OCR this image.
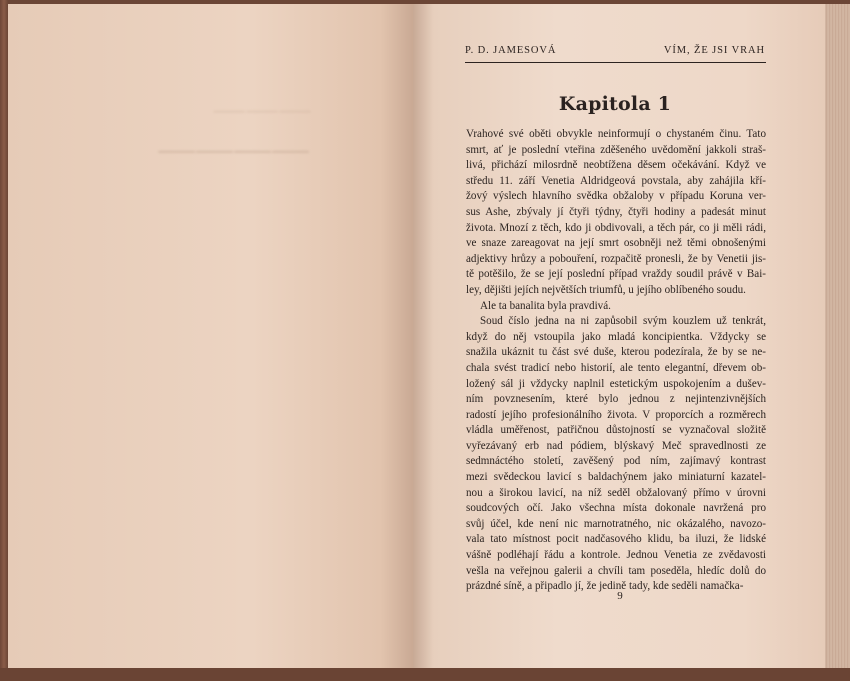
⸻⸻⸻
⸻⸻⸻⸻
P. D. JAMESOVÁ	VÍM, ŽE JSI VRAH
Kapitola 1
Vrahové své oběti obvykle neinformují o chystaném činu. Tato
smrt, ať je poslední vteřina zděšeného uvědomění jakkoli straš-
livá, přichází milosrdně neobtížena děsem očekávání. Když ve
středu 11. září Venetia Aldridgeová povstala, aby zahájila kří-
žový výslech hlavního svědka obžaloby v případu Koruna ver-
sus Ashe, zbývaly jí čtyři týdny, čtyři hodiny a padesát minut
života. Mnozí z těch, kdo ji obdivovali, a těch pár, co ji měli rádi,
ve snaze zareagovat na její smrt osobněji než těmi obnošenými
adjektivy hrůzy a pobouření, rozpačitě pronesli, že by Venetii jis-
tě potěšilo, že se její poslední případ vraždy soudil právě v Bai-
ley, dějišti jejích největších triumfů, u jejího oblíbeného soudu.
Ale ta banalita byla pravdivá.
Soud číslo jedna na ni zapůsobil svým kouzlem už tenkrát,
když do něj vstoupila jako mladá koncipientka. Vždycky se
snažila ukáznit tu část své duše, kterou podezírala, že by se ne-
chala svést tradicí nebo historií, ale tento elegantní, dřevem ob-
ložený sál ji vždycky naplnil estetickým uspokojením a dušev-
ním povznesením, které bylo jednou z nejintenzivnějších
radostí jejího profesionálního života. V proporcích a rozměrech
vládla uměřenost, patřičnou důstojností se vyznačoval složitě
vyřezávaný erb nad pódiem, blýskavý Meč spravedlnosti ze
sedmnáctého století, zavěšený pod ním, zajímavý kontrast
mezi svědeckou lavicí s baldachýnem jako miniaturní kazatel-
nou a širokou lavicí, na níž seděl obžalovaný přímo v úrovni
soudcových očí. Jako všechna místa dokonale navržená pro
svůj účel, kde není nic marnotratného, nic okázalého, navozo-
vala tato místnost pocit nadčasového klidu, ba iluzi, že lidské
vášně podléhají řádu a kontrole. Jednou Venetia ze zvědavosti
vešla na veřejnou galerii a chvíli tam poseděla, hledíc dolů do
prázdné síně, a připadlo jí, že jedině tady, kde seděli namačka-
9
